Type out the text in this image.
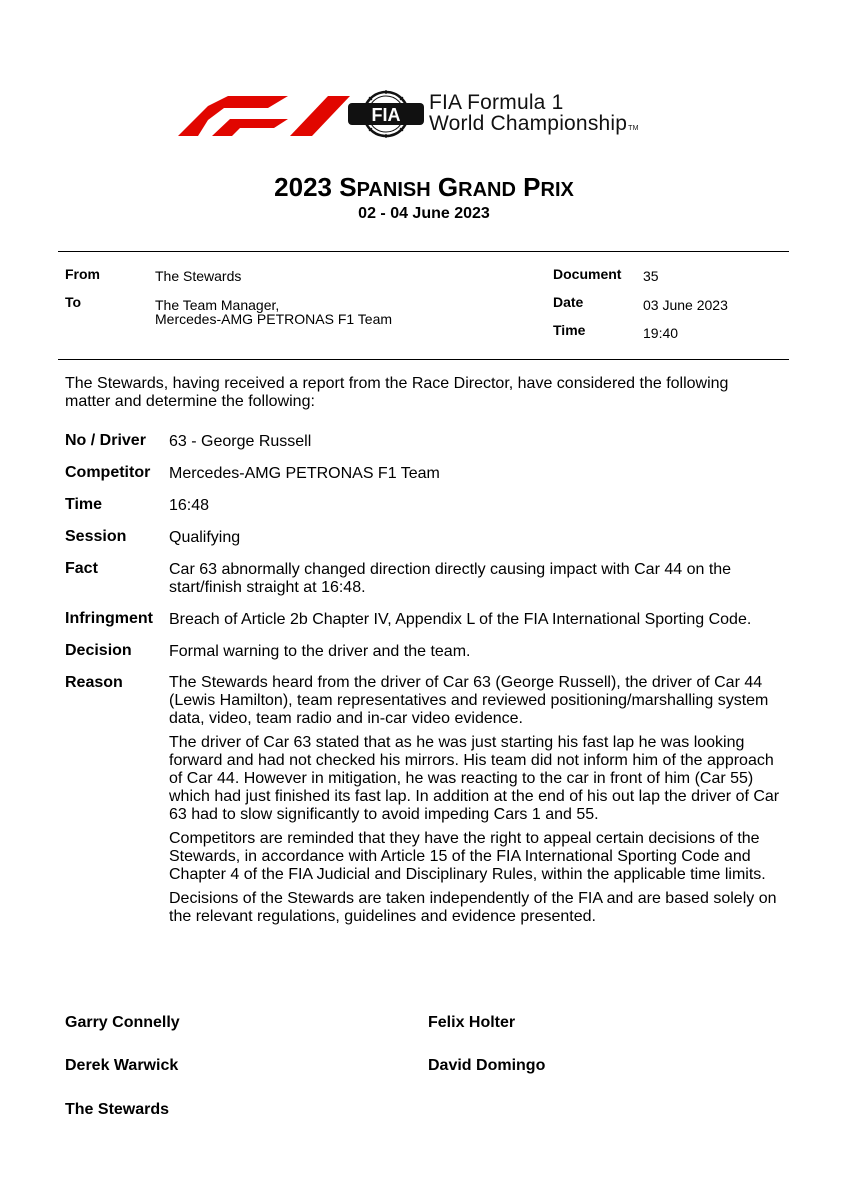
FIA
FIA Formula 1
World ChampionshipTM
2023 SPANISH GRAND PRIX
02 - 04 June 2023
From	The Stewards
To	The Team Manager,
Mercedes-AMG PETRONAS F1 Team
Document 35
Date	03 June 2023
Time	19:40
The Stewards, having received a report from the Race Director, have considered the following matter and determine the following:
No / Driver 63 - George Russell
Competitor Mercedes-AMG PETRONAS F1 Team
Time	16:48
Session	Qualifying
Fact	Car 63 abnormally changed direction directly causing impact with Car 44 on the start/finish straight at 16:48.
Infringment Breach of Article 2b Chapter IV, Appendix L of the FIA International Sporting Code.
Decision Formal warning to the driver and the team.
Reason	The Stewards heard from the driver of Car 63 (George Russell), the driver of Car 44 (Lewis Hamilton), team representatives and reviewed positioning/marshalling system data, video, team radio and in-car video evidence.

The driver of Car 63 stated that as he was just starting his fast lap he was looking forward and had not checked his mirrors. His team did not inform him of the approach of Car 44. However in mitigation, he was reacting to the car in front of him (Car 55) which had just finished its fast lap. In addition at the end of his out lap the driver of Car 63 had to slow significantly to avoid impeding Cars 1 and 55.

Competitors are reminded that they have the right to appeal certain decisions of the Stewards, in accordance with Article 15 of the FIA International Sporting Code and Chapter 4 of the FIA Judicial and Disciplinary Rules, within the applicable time limits.

Decisions of the Stewards are taken independently of the FIA and are based solely on the relevant regulations, guidelines and evidence presented.

Garry Connelly	Felix Holter
Derek Warwick	David Domingo
The Stewards
